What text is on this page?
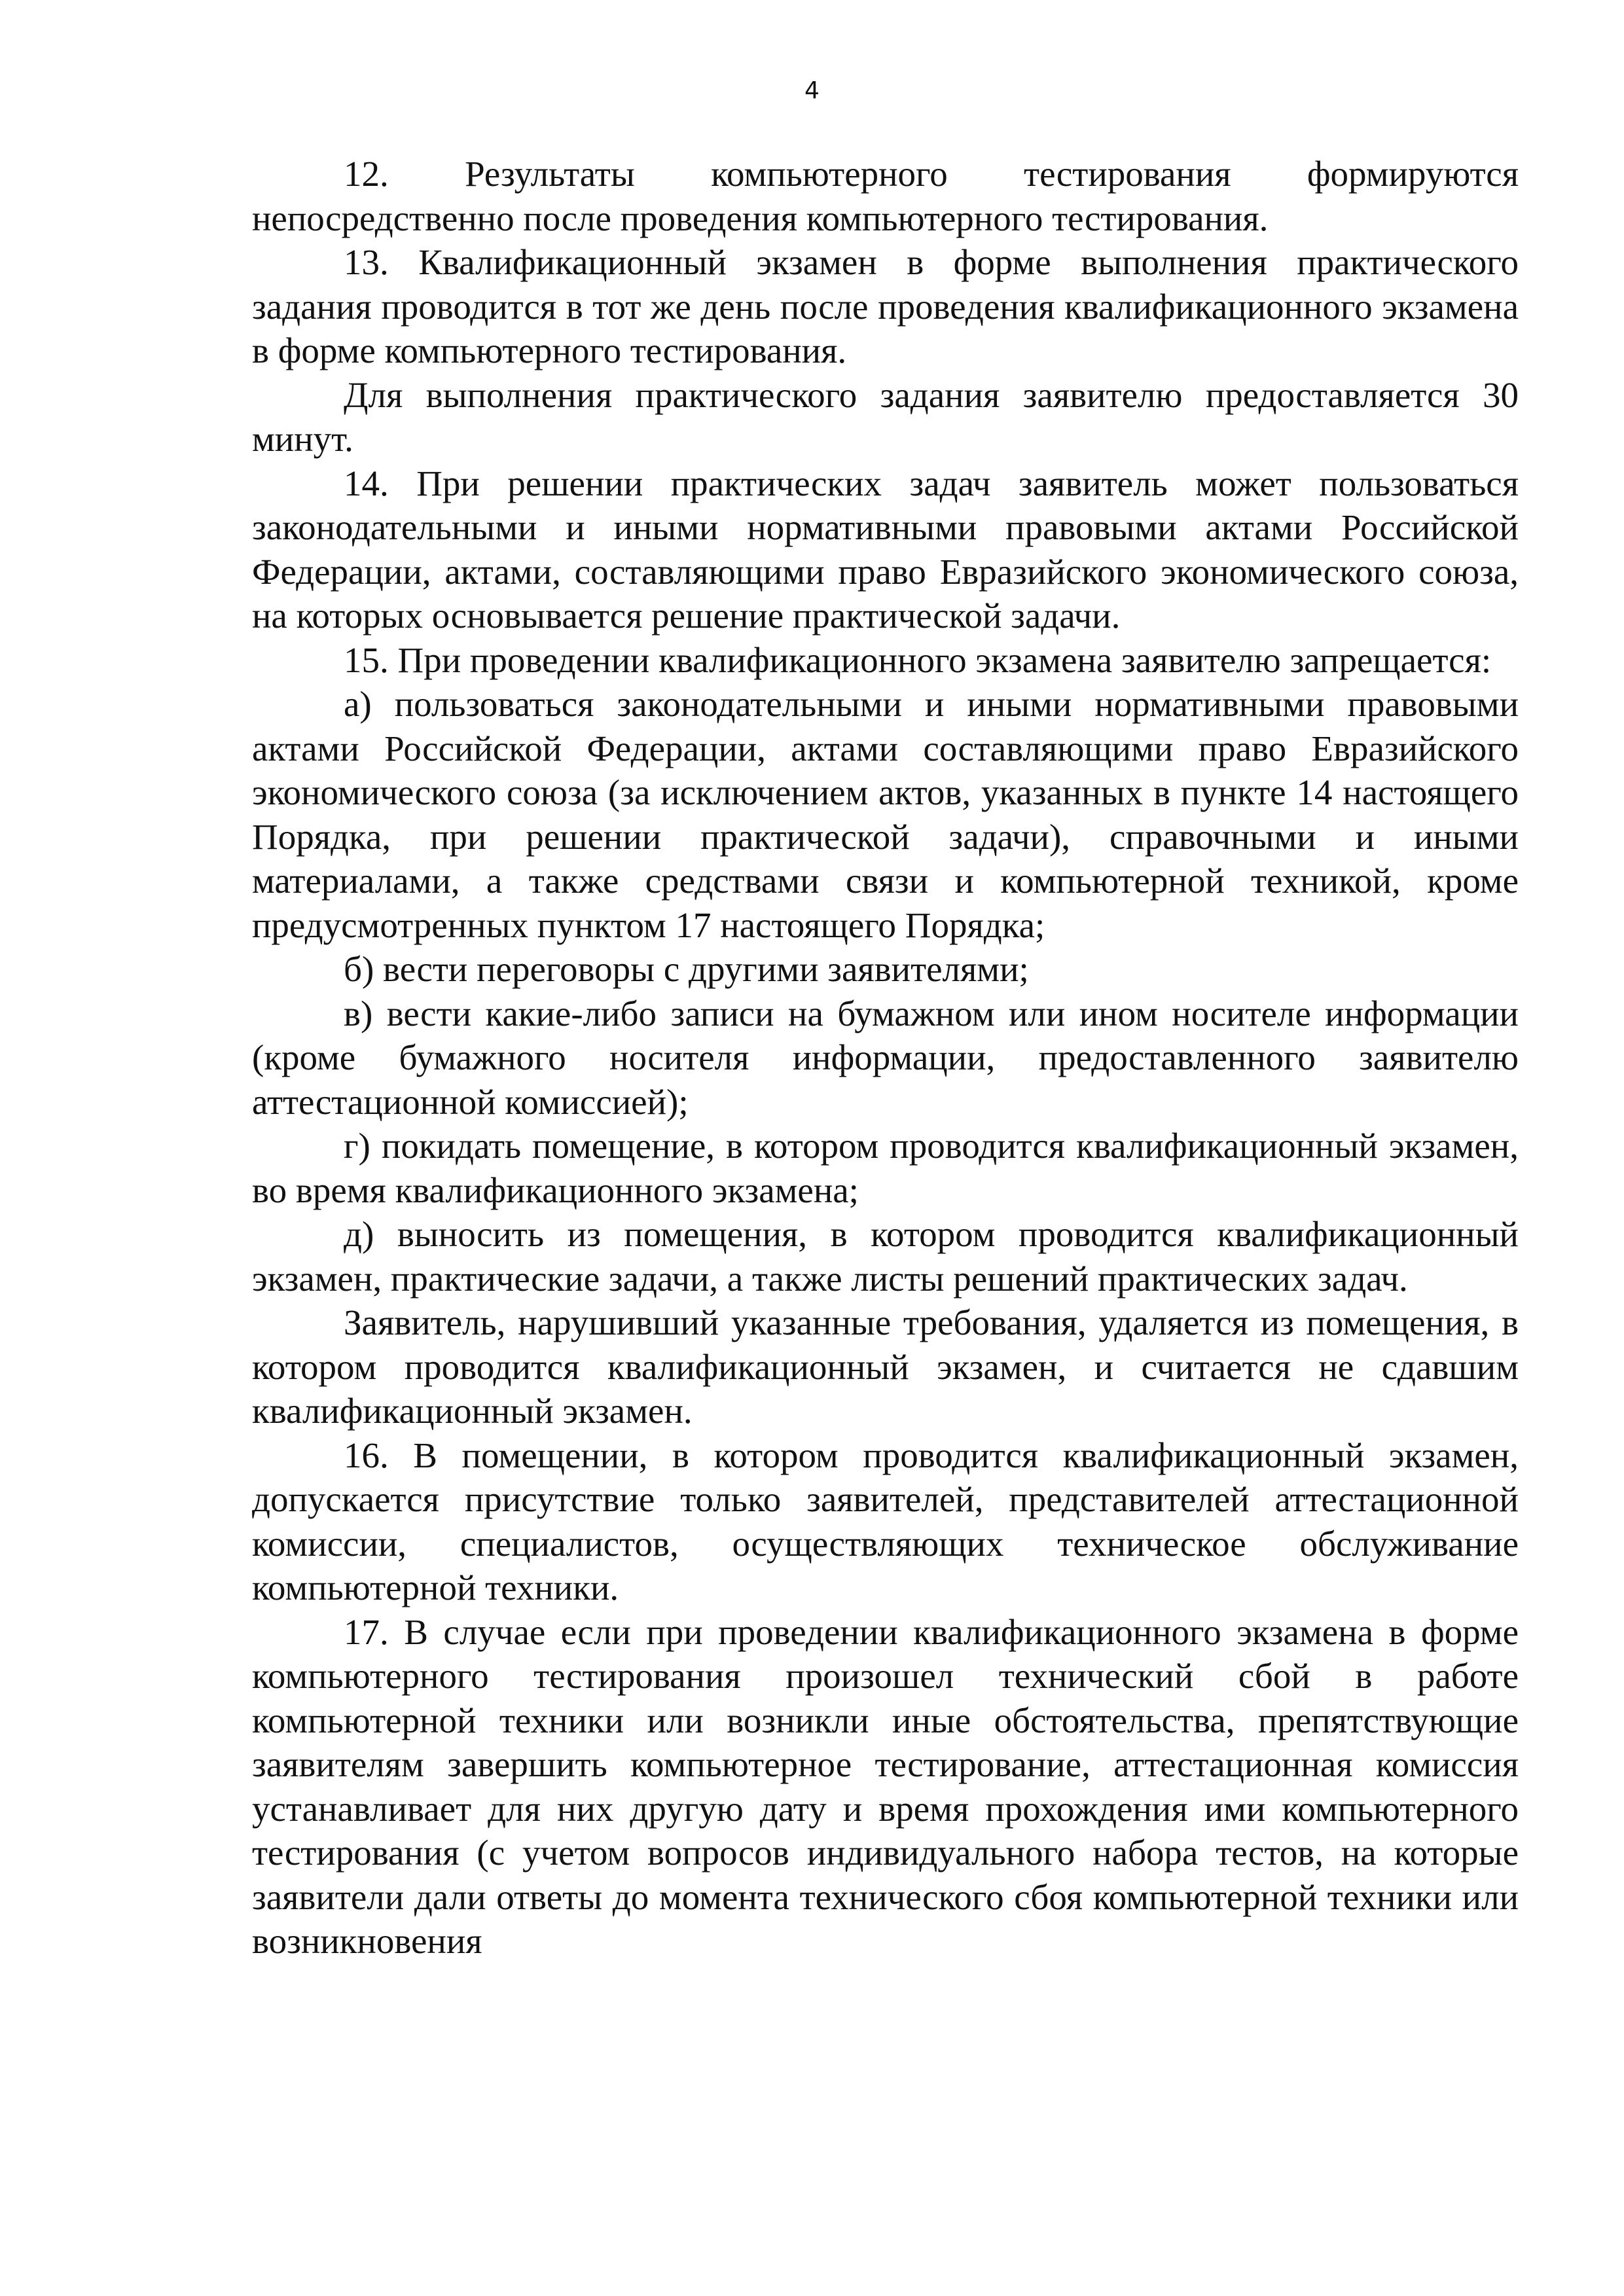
4

12. Результаты компьютерного тестирования формируются непосредственно после проведения компьютерного тестирования.

13. Квалификационный экзамен в форме выполнения практического задания проводится в тот же день после проведения квалификационного экзамена в форме компьютерного тестирования.

Для выполнения практического задания заявителю предоставляется 30 минут.

14. При решении практических задач заявитель может пользоваться законодательными и иными нормативными правовыми актами Российской Федерации, актами, составляющими право Евразийского экономического союза, на которых основывается решение практической задачи.

15. При проведении квалификационного экзамена заявителю запрещается:

а) пользоваться законодательными и иными нормативными правовыми актами Российской Федерации, актами составляющими право Евразийского экономического союза (за исключением актов, указанных в пункте 14 настоящего Порядка, при решении практической задачи), справочными и иными материалами, а также средствами связи и компьютерной техникой, кроме предусмотренных пунктом 17 настоящего Порядка;

б) вести переговоры с другими заявителями;

в) вести какие-либо записи на бумажном или ином носителе информации (кроме бумажного носителя информации, предоставленного заявителю аттестационной комиссией);

г) покидать помещение, в котором проводится квалификационный экзамен, во время квалификационного экзамена;

д) выносить из помещения, в котором проводится квалификационный экзамен, практические задачи, а также листы решений практических задач.

Заявитель, нарушивший указанные требования, удаляется из помещения, в котором проводится квалификационный экзамен, и считается не сдавшим квалификационный экзамен.

16. В помещении, в котором проводится квалификационный экзамен, допускается присутствие только заявителей, представителей аттестационной комиссии, специалистов, осуществляющих техническое обслуживание компьютерной техники.

17. В случае если при проведении квалификационного экзамена в форме компьютерного тестирования произошел технический сбой в работе компьютерной техники или возникли иные обстоятельства, препятствующие заявителям завершить компьютерное тестирование, аттестационная комиссия устанавливает для них другую дату и время прохождения ими компьютерного тестирования (с учетом вопросов индивидуального набора тестов, на которые заявители дали ответы до момента технического сбоя компьютерной техники или возникновения
